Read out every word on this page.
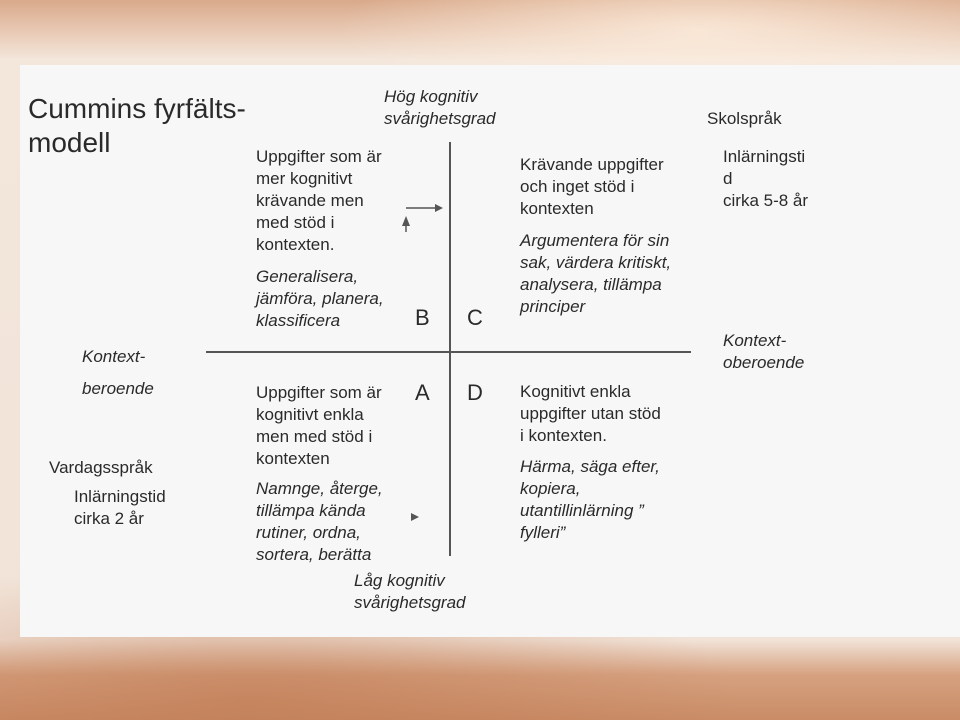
Cummins fyrfälts-
modell
Hög kognitiv
svårighetsgrad
Låg kognitiv
svårighetsgrad
Kontext-
beroende
Kontext-
oberoende
B C
A D
Uppgifter som är
mer kognitivt
krävande men
med stöd i
kontexten.
Generalisera,
jämföra, planera,
klassificera
Uppgifter som är
kognitivt enkla
men med stöd i
kontexten
Namnge, återge,
tillämpa kända
rutiner, ordna,
sortera, berätta
Krävande uppgifter
och inget stöd i
kontexten
Argumentera för sin
sak, värdera kritiskt,
analysera, tillämpa
principer
Kognitivt enkla
uppgifter utan stöd
i kontexten.
Härma, säga efter,
kopiera,
utantillinlärning ”
fylleri”
Vardagsspråk
Inlärningstid
cirka 2 år
Skolspråk
Inlärningsti
d
cirka 5-8 år
